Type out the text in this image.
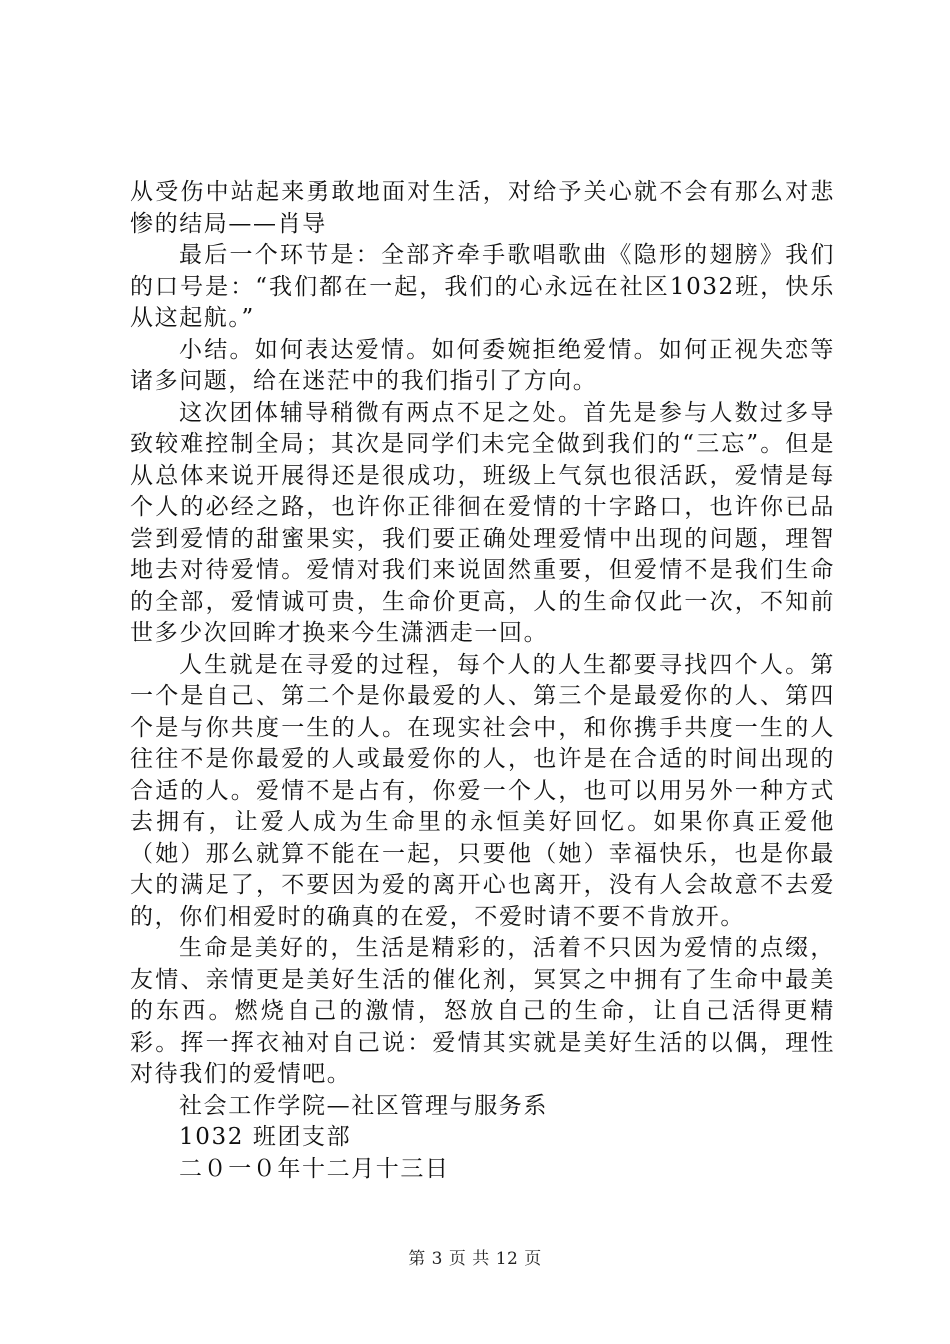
从受伤中站起来勇敢地面对生活，对给予关心就不会有那么对悲惨的结局——肖导

最后一个环节是：全部齐牵手歌唱歌曲《隐形的翅膀》我们的口号是：“我们都在一起，我们的心永远在社区1032班，快乐从这起航。”

小结。如何表达爱情。如何委婉拒绝爱情。如何正视失恋等诸多问题，给在迷茫中的我们指引了方向。

这次团体辅导稍微有两点不足之处。首先是参与人数过多导致较难控制全局；其次是同学们未完全做到我们的“三忘”。但是从总体来说开展得还是很成功，班级上气氛也很活跃，爱情是每个人的必经之路，也许你正徘徊在爱情的十字路口，也许你已品尝到爱情的甜蜜果实，我们要正确处理爱情中出现的问题，理智地去对待爱情。爱情对我们来说固然重要，但爱情不是我们生命的全部，爱情诚可贵，生命价更高，人的生命仅此一次，不知前世多少次回眸才换来今生潇洒走一回。

人生就是在寻爱的过程，每个人的人生都要寻找四个人。第一个是自己、第二个是你最爱的人、第三个是最爱你的人、第四个是与你共度一生的人。在现实社会中，和你携手共度一生的人往往不是你最爱的人或最爱你的人，也许是在合适的时间出现的合适的人。爱情不是占有，你爱一个人，也可以用另外一种方式去拥有，让爱人成为生命里的永恒美好回忆。如果你真正爱他（她）那么就算不能在一起，只要他（她）幸福快乐，也是你最大的满足了，不要因为爱的离开心也离开，没有人会故意不去爱的，你们相爱时的确真的在爱，不爱时请不要不肯放开。

生命是美好的，生活是精彩的，活着不只因为爱情的点缀，友情、亲情更是美好生活的催化剂，冥冥之中拥有了生命中最美的东西。燃烧自己的激情，怒放自己的生命，让自己活得更精彩。挥一挥衣袖对自己说：爱情其实就是美好生活的以偶，理性对待我们的爱情吧。

社会工作学院—社区管理与服务系

1032 班团支部

二０一０年十二月十三日

第 3 页 共 12 页
